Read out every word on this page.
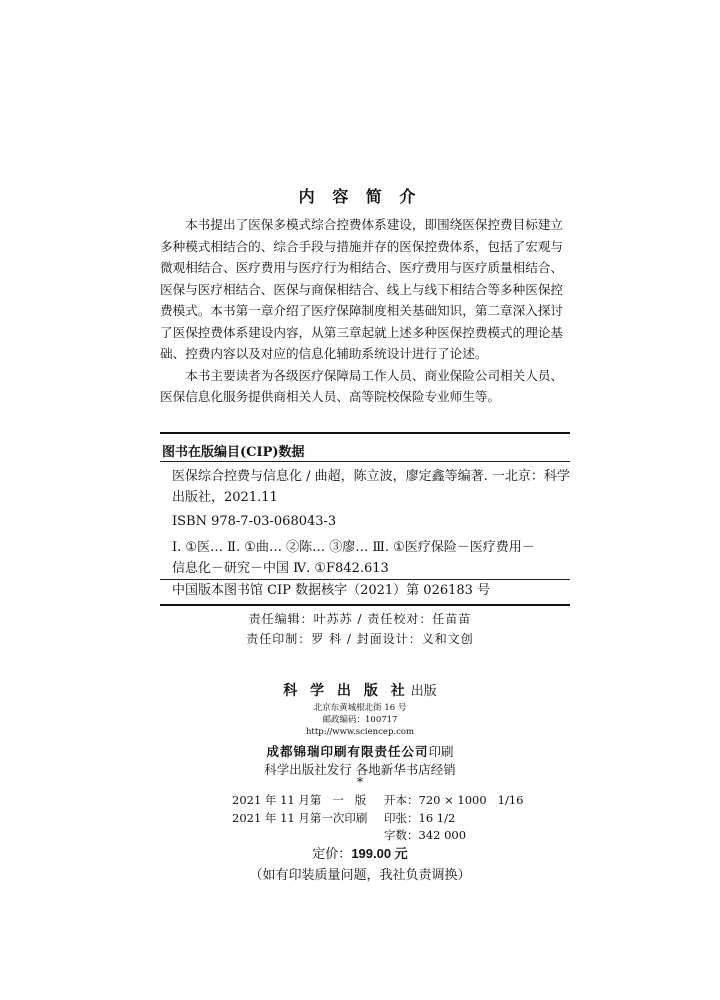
内 容 简 介

本书提出了医保多模式综合控费体系建设，即围绕医保控费目标建立
多种模式相结合的、综合手段与措施并存的医保控费体系，包括了宏观与
微观相结合、医疗费用与医疗行为相结合、医疗费用与医疗质量相结合、
医保与医疗相结合、医保与商保相结合、线上与线下相结合等多种医保控
费模式。本书第一章介绍了医疗保障制度相关基础知识，第二章深入探讨
了医保控费体系建设内容，从第三章起就上述多种医保控费模式的理论基
础、控费内容以及对应的信息化辅助系统设计进行了论述。

本书主要读者为各级医疗保障局工作人员、商业保险公司相关人员、
医保信息化服务提供商相关人员、高等院校保险专业师生等。

图书在版编目(CIP)数据
医保综合控费与信息化 / 曲超，陈立波，廖定鑫等编著. 一北京：科学
出版社，2021.11
ISBN 978-7-03-068043-3
Ⅰ. ①医… Ⅱ. ①曲… ②陈… ③廖… Ⅲ. ①医疗保险－医疗费用－
信息化－研究－中国 Ⅳ. ①F842.613
中国版本图书馆 CIP 数据核字（2021）第 026183 号
责任编辑：叶苏苏 / 责任校对：任苗苗
责任印制：罗 科 / 封面设计：义和文创
科 学 出 版 社 出版
北京东黄城根北街 16 号
邮政编码：100717
http://www.sciencep.com
成都锦瑞印刷有限责任公司印刷
科学出版社发行 各地新华书店经销
*
2021 年 11 月第   一   版 开本：720 × 1000   1/16
2021 年 11 月第一次印刷 印张：16 1/2
字数：342 000
定价：199.00 元
（如有印装质量问题，我社负责调换）
